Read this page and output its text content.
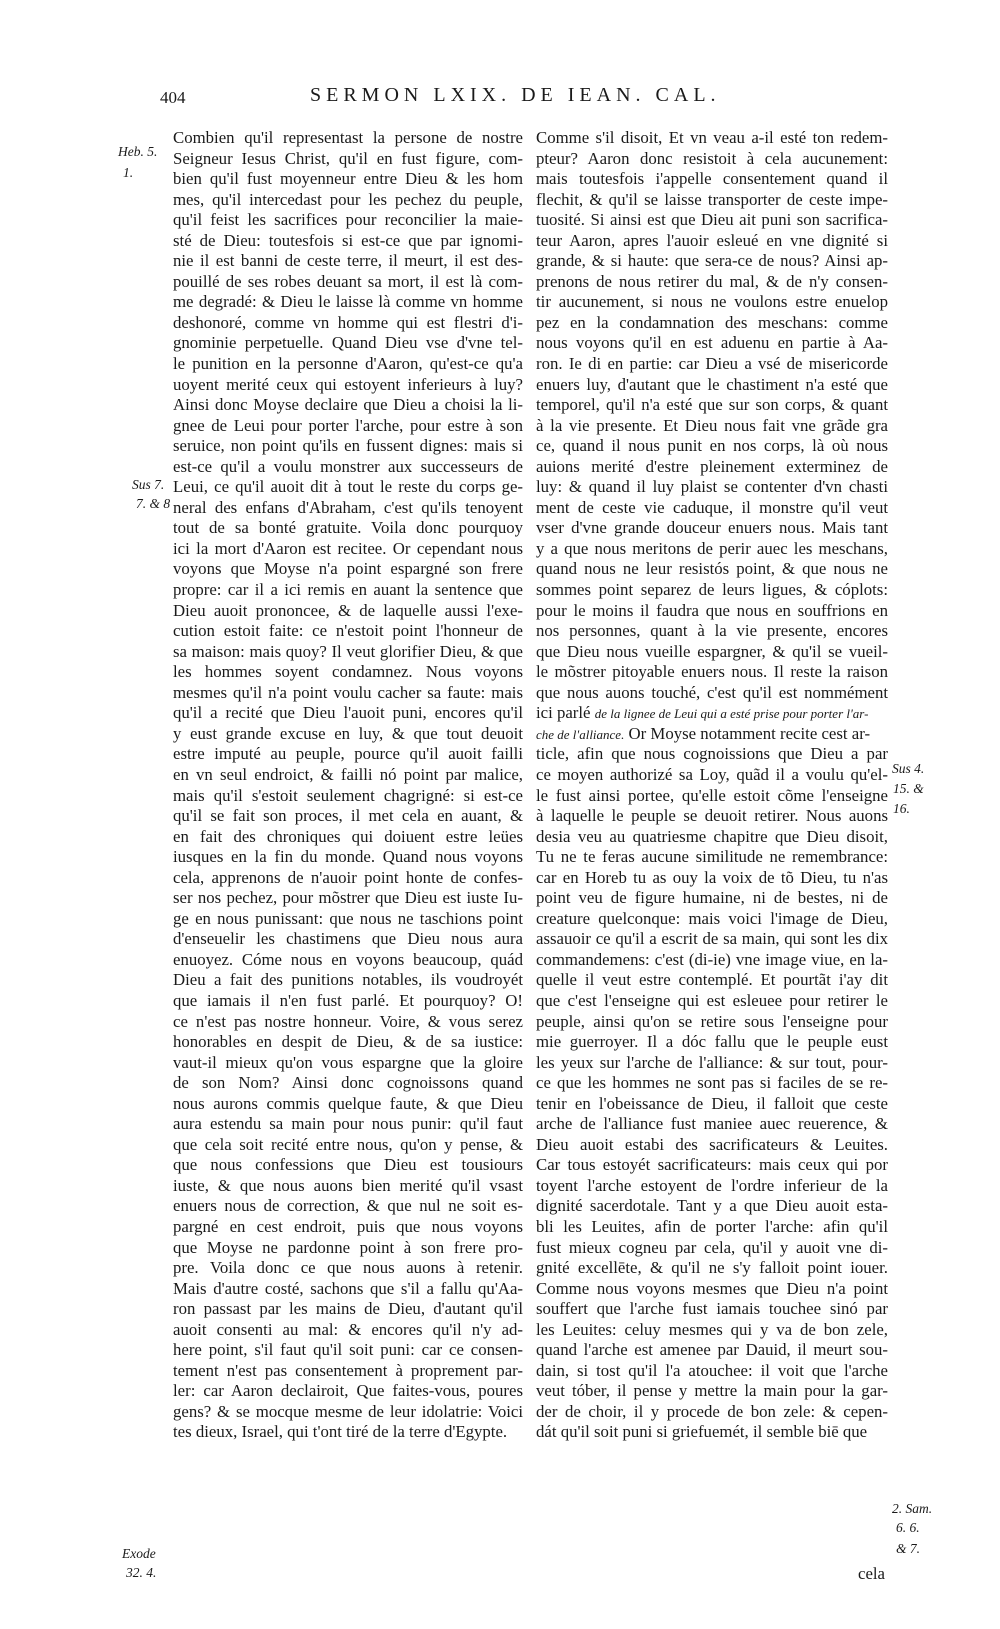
404	SERMON LXIX. DE IEAN. CAL.
Combien qu'il representast la persone de nostre
Seigneur Iesus Christ, qu'il en fust figure, com-
bien qu'il fust moyenneur entre Dieu & les hom
mes, qu'il intercedast pour les pechez du peuple,
qu'il feist les sacrifices pour reconcilier la maie-
sté de Dieu: toutesfois si est-ce que par ignomi-
nie il est banni de ceste terre, il meurt, il est des-
pouillé de ses robes deuant sa mort, il est là com-
me degradé: & Dieu le laisse là comme vn homme
deshonoré, comme vn homme qui est flestri d'i-
gnominie perpetuelle. Quand Dieu vse d'vne tel-
le punition en la personne d'Aaron, qu'est-ce qu'a
uoyent merité ceux qui estoyent inferieurs à luy?
Ainsi donc Moyse declaire que Dieu a choisi la li-
gnee de Leui pour porter l'arche, pour estre à son
seruice, non point qu'ils en fussent dignes: mais si
est-ce qu'il a voulu monstrer aux successeurs de
Leui, ce qu'il auoit dit à tout le reste du corps ge-
neral des enfans d'Abraham, c'est qu'ils tenoyent
tout de sa bonté gratuite. Voila donc pourquoy
ici la mort d'Aaron est recitee. Or cependant nous
voyons que Moyse n'a point espargné son frere
propre: car il a ici remis en auant la sentence que
Dieu auoit prononcee, & de laquelle aussi l'exe-
cution estoit faite: ce n'estoit point l'honneur de
sa maison: mais quoy? Il veut glorifier Dieu, & que
les hommes soyent condamnez. Nous voyons
mesmes qu'il n'a point voulu cacher sa faute: mais
qu'il a recité que Dieu l'auoit puni, encores qu'il
y eust grande excuse en luy, & que tout deuoit
estre imputé au peuple, pource qu'il auoit failli
en vn seul endroict, & failli nó point par malice,
mais qu'il s'estoit seulement chagrigné: si est-ce
qu'il se fait son proces, il met cela en auant, &
en fait des chroniques qui doiuent estre leües
iusques en la fin du monde. Quand nous voyons
cela, apprenons de n'auoir point honte de confes-
ser nos pechez, pour mõstrer que Dieu est iuste Iu-
ge en nous punissant: que nous ne taschions point
d'enseuelir les chastimens que Dieu nous aura
enuoyez. Cóme nous en voyons beaucoup, quád
Dieu a fait des punitions notables, ils voudroyét
que iamais il n'en fust parlé. Et pourquoy? O!
ce n'est pas nostre honneur. Voire, & vous serez
honorables en despit de Dieu, & de sa iustice:
vaut-il mieux qu'on vous espargne que la gloire
de son Nom? Ainsi donc cognoissons quand
nous aurons commis quelque faute, & que Dieu
aura estendu sa main pour nous punir: qu'il faut
que cela soit recité entre nous, qu'on y pense, &
que nous confessions que Dieu est tousiours
iuste, & que nous auons bien merité qu'il vsast
enuers nous de correction, & que nul ne soit es-
pargné en cest endroit, puis que nous voyons
que Moyse ne pardonne point à son frere pro-
pre. Voila donc ce que nous auons à retenir.
Mais d'autre costé, sachons que s'il a fallu qu'Aa-
ron passast par les mains de Dieu, d'autant qu'il
auoit consenti au mal: & encores qu'il n'y ad-
here point, s'il faut qu'il soit puni: car ce consen-
tement n'est pas consentement à proprement par-
ler: car Aaron declairoit, Que faites-vous, poures
gens? & se mocque mesme de leur idolatrie: Voici
tes dieux, Israel, qui t'ont tiré de la terre d'Egypte.
Comme s'il disoit, Et vn veau a-il esté ton redem-
pteur? Aaron donc resistoit à cela aucunement:
mais toutesfois i'appelle consentement quand il
flechit, & qu'il se laisse transporter de ceste impe-
tuosité. Si ainsi est que Dieu ait puni son sacrifica-
teur Aaron, apres l'auoir esleué en vne dignité si
grande, & si haute: que sera-ce de nous? Ainsi ap-
prenons de nous retirer du mal, & de n'y consen-
tir aucunement, si nous ne voulons estre enuelop
pez en la condamnation des meschans: comme
nous voyons qu'il en est aduenu en partie à Aa-
ron. Ie di en partie: car Dieu a vsé de misericorde
enuers luy, d'autant que le chastiment n'a esté que
temporel, qu'il n'a esté que sur son corps, & quant
à la vie presente. Et Dieu nous fait vne grãde gra
ce, quand il nous punit en nos corps, là où nous
auions merité d'estre pleinement exterminez de
luy: & quand il luy plaist se contenter d'vn chasti
ment de ceste vie caduque, il monstre qu'il veut
vser d'vne grande douceur enuers nous. Mais tant
y a que nous meritons de perir auec les meschans,
quand nous ne leur resistós point, & que nous ne
sommes point separez de leurs ligues, & cóplots:
pour le moins il faudra que nous en souffrions en
nos personnes, quant à la vie presente, encores
que Dieu nous vueille espargner, & qu'il se vueil-
le mõstrer pitoyable enuers nous. Il reste la raison
que nous auons touché, c'est qu'il est nommément
ici parlé de la lignee de Leui qui a esté prise pour porter l'ar-
che de l'alliance. Or Moyse notamment recite cest ar-
ticle, afin que nous cognoissions que Dieu a par
ce moyen authorizé sa Loy, quãd il a voulu qu'el-
le fust ainsi portee, qu'elle estoit cõme l'enseigne
à laquelle le peuple se deuoit retirer. Nous auons
desia veu au quatriesme chapitre que Dieu disoit,
Tu ne te feras aucune similitude ne remembrance:
car en Horeb tu as ouy la voix de tõ Dieu, tu n'as
point veu de figure humaine, ni de bestes, ni de
creature quelconque: mais voici l'image de Dieu,
assauoir ce qu'il a escrit de sa main, qui sont les dix
commandemens: c'est (di-ie) vne image viue, en la-
quelle il veut estre contemplé. Et pourtãt i'ay dit
que c'est l'enseigne qui est esleuee pour retirer le
peuple, ainsi qu'on se retire sous l'enseigne pour
mie guerroyer. Il a dóc fallu que le peuple eust
les yeux sur l'arche de l'alliance: & sur tout, pour-
ce que les hommes ne sont pas si faciles de se re-
tenir en l'obeissance de Dieu, il falloit que ceste
arche de l'alliance fust maniee auec reuerence, &
Dieu auoit estabi des sacrificateurs & Leuites.
Car tous estoyét sacrificateurs: mais ceux qui por
toyent l'arche estoyent de l'ordre inferieur de la
dignité sacerdotale. Tant y a que Dieu auoit esta-
bli les Leuites, afin de porter l'arche: afin qu'il
fust mieux cogneu par cela, qu'il y auoit vne di-
gnité excellēte, & qu'il ne s'y falloit point iouer.
Comme nous voyons mesmes que Dieu n'a point
souffert que l'arche fust iamais touchee sinó par
les Leuites: celuy mesmes qui y va de bon zele,
quand l'arche est amenee par Dauid, il meurt sou-
dain, si tost qu'il l'a atouchee: il voit que l'arche
veut tóber, il pense y mettre la main pour la gar-
der de choir, il y procede de bon zele: & cepen-
dát qu'il soit puni si griefuemét, il semble biē que
Heb. 5.
1.
Sus 7.
7. & 8
Exode
32. 4.
Sus 4.
15. &
16.
2. Sam.
6. 6.
& 7.
cela
